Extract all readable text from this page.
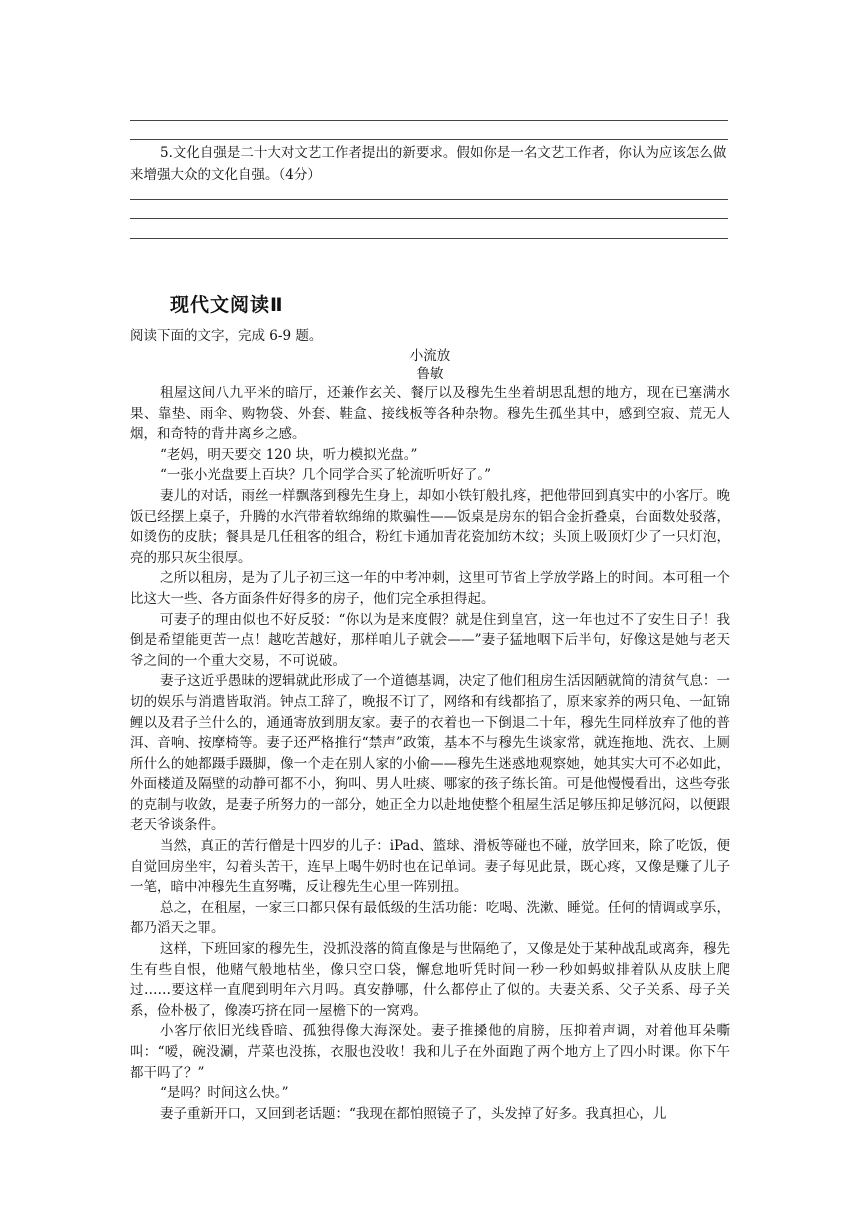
5.文化自强是二十大对文艺工作者提出的新要求。假如你是一名文艺工作者，你认为应该怎么做来增强大众的文化自强。（4分）
现代文阅读Ⅱ
阅读下面的文字，完成 6-9 题。
小流放
鲁敏

租屋这间八九平米的暗厅，还兼作玄关、餐厅以及穆先生坐着胡思乱想的地方，现在已塞满水果、靠垫、雨伞、购物袋、外套、鞋盒、接线板等各种杂物。穆先生孤坐其中，感到空寂、荒无人烟，和奇特的背井离乡之感。

“老妈，明天要交 120 块，听力模拟光盘。”

“一张小光盘要上百块？几个同学合买了轮流听听好了。”

妻儿的对话，雨丝一样飘落到穆先生身上，却如小铁钉般扎疼，把他带回到真实中的小客厅。晚饭已经摆上桌子，升腾的水汽带着软绵绵的欺骗性——饭桌是房东的铝合金折叠桌，台面数处驳落，如烫伤的皮肤；餐具是几任租客的组合，粉红卡通加青花瓷加纺木纹；头顶上吸顶灯少了一只灯泡，亮的那只灰尘很厚。

之所以租房，是为了儿子初三这一年的中考冲刺，这里可节省上学放学路上的时间。本可租一个比这大一些、各方面条件好得多的房子，他们完全承担得起。

可妻子的理由似也不好反驳：“你以为是来度假？就是住到皇宫，这一年也过不了安生日子！我倒是希望能更苦一点！越吃苦越好，那样咱儿子就会——”妻子猛地咽下后半句，好像这是她与老天爷之间的一个重大交易，不可说破。

妻子这近乎愚昧的逻辑就此形成了一个道德基调，决定了他们租房生活因陋就简的清贫气息：一切的娱乐与消遣皆取消。钟点工辞了，晚报不订了，网络和有线都掐了，原来家养的两只龟、一缸锦鲤以及君子兰什么的，通通寄放到朋友家。妻子的衣着也一下倒退二十年，穆先生同样放弃了他的普洱、音响、按摩椅等。妻子还严格推行“禁声”政策，基本不与穆先生谈家常，就连拖地、洗衣、上厕所什么的她都蹑手蹑脚，像一个走在别人家的小偷——穆先生迷惑地观察她，她其实大可不必如此，外面楼道及隔壁的动静可都不小，狗叫、男人吐痰、哪家的孩子练长笛。可是他慢慢看出，这些夸张的克制与收敛，是妻子所努力的一部分，她正全力以赴地使整个租屋生活足够压抑足够沉闷，以便跟老天爷谈条件。

当然，真正的苦行僧是十四岁的儿子：iPad、篮球、滑板等碰也不碰，放学回来，除了吃饭，便自觉回房坐牢，勾着头苦干，连早上喝牛奶时也在记单词。妻子每见此景，既心疼，又像是赚了儿子一笔，暗中冲穆先生直努嘴，反让穆先生心里一阵别扭。

总之，在租屋，一家三口都只保有最低级的生活功能：吃喝、洗漱、睡觉。任何的情调或享乐，都乃滔天之罪。

这样，下班回家的穆先生，没抓没落的简直像是与世隔绝了，又像是处于某种战乱或离奔，穆先生有些自恨，他赌气般地枯坐，像只空口袋，懈怠地听凭时间一秒一秒如蚂蚁排着队从皮肤上爬过……要这样一直爬到明年六月吗。真安静哪，什么都停止了似的。夫妻关系、父子关系、母子关系，俭朴极了，像凑巧挤在同一屋檐下的一窝鸡。

小客厅依旧光线昏暗、孤独得像大海深处。妻子推搡他的肩膀，压抑着声调，对着他耳朵嘶叫：“嗳，碗没涮，芹菜也没拣，衣服也没收！我和儿子在外面跑了两个地方上了四小时课。你下午都干吗了？”

“是吗？时间这么快。”

妻子重新开口，又回到老话题：“我现在都怕照镜子了，头发掉了好多。我真担心，儿
